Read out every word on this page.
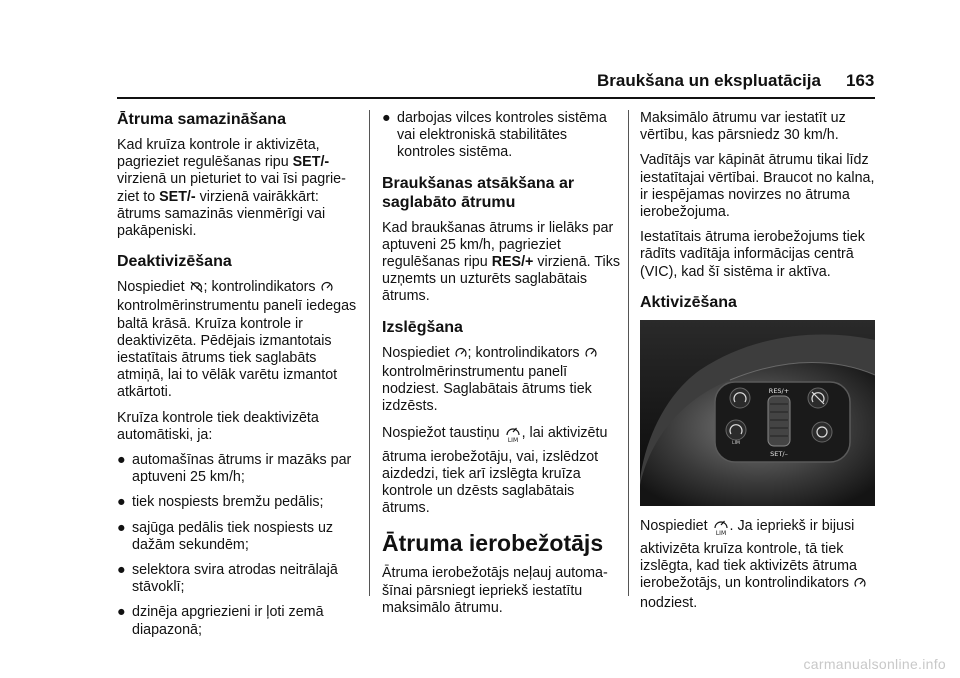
Braukšana un ekspluatācija 163
Ātruma samazināšana

Kad kruīza kontrole ir aktivizēta, pagrieziet regulēšanas ripu SET/- virzienā un pieturiet to vai īsi pagrieziet to SET/- virzienā vairākkārt: ātrums samazinās vienmērīgi vai pakāpeniski.

Deaktivizēšana

Nospiediet ; kontrolindikators  kontrolmērinstrumentu panelī iedegas baltā krāsā. Kruīza kontrole ir deaktivizēta. Pēdējais izmantotais iestatītais ātrums tiek saglabāts atmiņā, lai to vēlāk varētu izmantot atkārtoti.

Kruīza kontrole tiek deaktivizēta automātiski, ja:

● automašīnas ātrums ir mazāks par aptuveni 25 km/h;
● tiek nospiests bremžu pedālis;
● sajūga pedālis tiek nospiests uz dažām sekundēm;
● selektora svira atrodas neitrālajā stāvoklī;
● dzinēja apgriezieni ir ļoti zemā diapazonā;
● darbojas vilces kontroles sistēma vai elektroniskā stabilitātes kontroles sistēma.
Braukšanas atsākšana ar saglabāto ātrumu

Kad braukšanas ātrums ir lielāks par aptuveni 25 km/h, pagrieziet regulēšanas ripu RES/+ virzienā. Tiks uzņemts un uzturēts saglabātais ātrums.

Izslēgšana

Nospiediet ; kontrolindikators  kontrolmērinstrumentu panelī nodziest. Saglabātais ātrums tiek izdzēsts.

Nospiežot taustiņu LIM , lai aktivizētu ātruma ierobežotāju, vai, izslēdzot aizdedzi, tiek arī izslēgta kruīza kontrole un dzēsts saglabātais ātrums.

Ātruma ierobežotājs

Ātruma ierobežotājs neļauj automašīnai pārsniegt iepriekš iestatītu maksimālo ātrumu.

Maksimālo ātrumu var iestatīt uz vērtību, kas pārsniedz 30 km/h.

Vadītājs var kāpināt ātrumu tikai līdz iestatītajai vērtībai. Braucot no kalna, ir iespējamas novirzes no ātruma ierobežojuma.

Iestatītais ātruma ierobežojums tiek rādīts vadītāja informācijas centrā (VIC), kad šī sistēma ir aktīva.

Aktivizēšana
LIM
RES/+
SET/–

Nospiediet LIM . Ja iepriekš ir bijusi aktivizēta kruīza kontrole, tā tiek izslēgta, kad tiek aktivizēts ātruma ierobežotājs, un kontrolindikators  nodziest.

carmanualsonline.info
